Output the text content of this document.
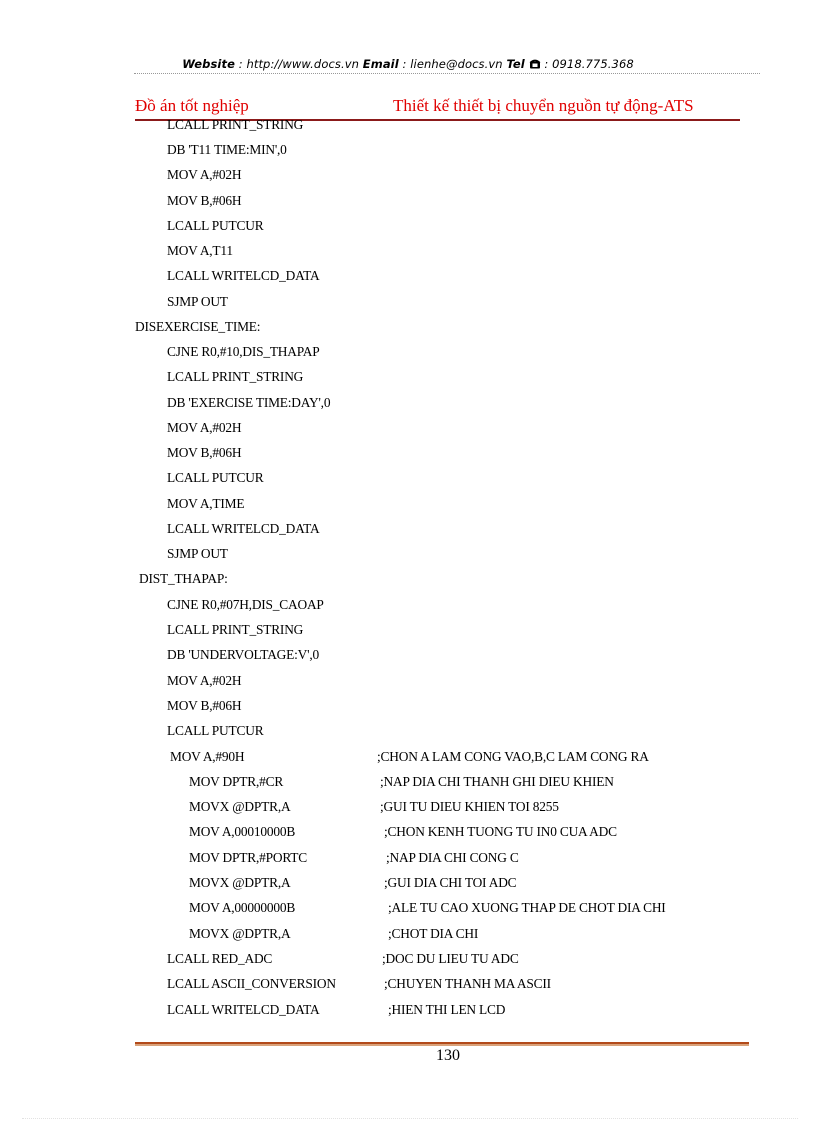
Website : http://www.docs.vn Email : lienhe@docs.vn Tel  : 0918.775.368
Đồ án tốt nghiệp	Thiết kế thiết bị chuyển nguồn tự động-ATS
LCALL PRINT_STRING
DB 'T11 TIME:MIN',0
MOV A,#02H
MOV B,#06H
LCALL PUTCUR
MOV A,T11
LCALL WRITELCD_DATA
SJMP OUT
DISEXERCISE_TIME:
CJNE R0,#10,DIS_THAPAP
LCALL PRINT_STRING
DB 'EXERCISE TIME:DAY',0
MOV A,#02H
MOV B,#06H
LCALL PUTCUR
MOV A,TIME
LCALL WRITELCD_DATA
SJMP OUT
DIST_THAPAP:
CJNE R0,#07H,DIS_CAOAP
LCALL PRINT_STRING
DB 'UNDERVOLTAGE:V',0
MOV A,#02H
MOV B,#06H
LCALL PUTCUR
MOV A,#90H	;CHON A LAM CONG VAO,B,C LAM CONG RA
MOV DPTR,#CR	;NAP DIA CHI THANH GHI DIEU KHIEN
MOVX @DPTR,A	;GUI TU DIEU KHIEN TOI 8255
MOV A,00010000B	;CHON KENH TUONG TU IN0 CUA ADC
MOV DPTR,#PORTC	;NAP DIA CHI CONG C
MOVX @DPTR,A	;GUI DIA CHI TOI ADC
MOV A,00000000B	;ALE TU CAO XUONG THAP DE CHOT DIA CHI
MOVX @DPTR,A	;CHOT DIA CHI
LCALL RED_ADC	;DOC DU LIEU TU ADC
LCALL ASCII_CONVERSION	;CHUYEN THANH MA ASCII
LCALL WRITELCD_DATA	;HIEN THI LEN LCD
130
